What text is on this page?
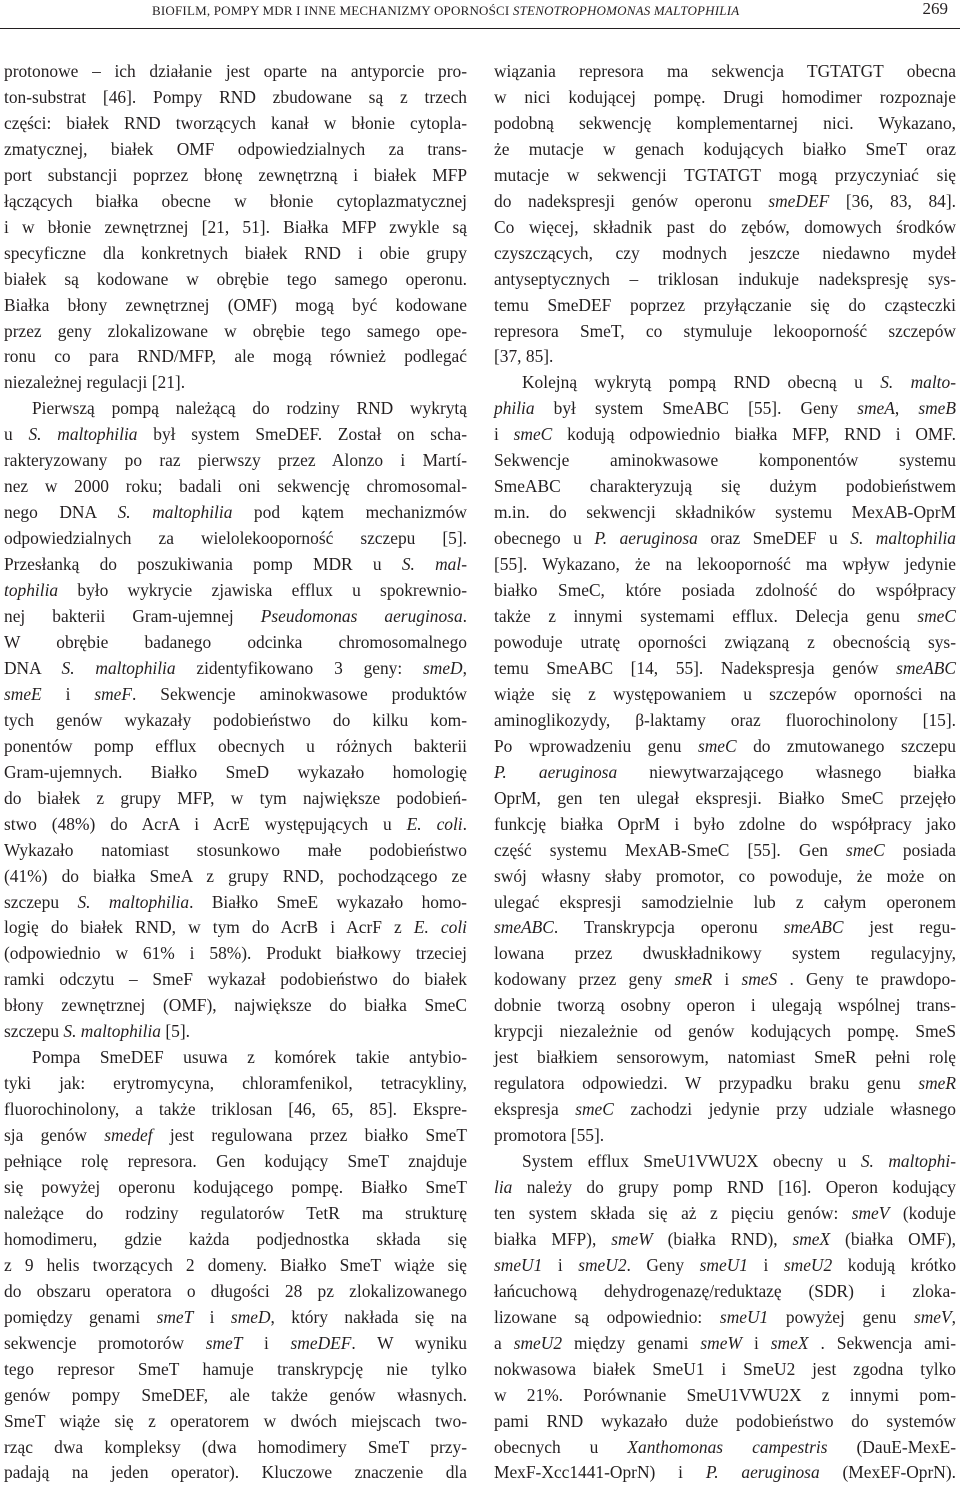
BIOFILM, POMPY MDR I INNE MECHANIZMY OPORNOŚCI STENOTROPHOMONAS MALTOPHILIA	269
protonowe – ich działanie jest oparte na antyporcie pro-
ton-substrat [46]. Pompy RND zbudowane są z trzech
części: białek RND tworzących kanał w błonie cytopla-
zmatycznej, białek OMF odpowiedzialnych za trans-
port substancji poprzez błonę zewnętrzną i białek MFP
łączących białka obecne w błonie cytoplazmatycznej
i w błonie zewnętrznej [21, 51]. Białka MFP zwykle są
specyficzne dla konkretnych białek RND i obie grupy
białek są kodowane w obrębie tego samego operonu.
Białka błony zewnętrznej (OMF) mogą być kodowane
przez geny zlokalizowane w obrębie tego samego ope-
ronu co para RND/MFP, ale mogą również podlegać
niezależnej regulacji [21].
Pierwszą pompą należącą do rodziny RND wykrytą
u S. maltophilia był system SmeDEF. Został on scha-
rakteryzowany po raz pierwszy przez Alonzo i Martí-
nez w 2000 roku; badali oni sekwencję chromosomal-
nego DNA S. maltophilia pod kątem mechanizmów
odpowiedzialnych za wielolekooporność szczepu [5].
Przesłanką do poszukiwania pomp MDR u S. mal-
tophilia było wykrycie zjawiska efflux u spokrewnio-
nej bakterii Gram-ujemnej Pseudomonas aeruginosa.
W obrębie badanego odcinka chromosomalnego
DNA S. maltophilia zidentyfikowano 3 geny: smeD,
smeE i smeF. Sekwencje aminokwasowe produktów
tych genów wykazały podobieństwo do kilku kom-
ponentów pomp efflux obecnych u różnych bakterii
Gram-ujemnych. Białko SmeD wykazało homologię
do białek z grupy MFP, w tym największe podobień-
stwo (48%) do AcrA i AcrE występujących u E. coli.
Wykazało natomiast stosunkowo małe podobieństwo
(41%) do białka SmeA z grupy RND, pochodzącego ze
szczepu S. maltophilia. Białko SmeE wykazało homo-
logię do białek RND, w tym do AcrB i AcrF z E. coli
(odpowiednio w 61% i 58%). Produkt białkowy trzeciej
ramki odczytu – SmeF wykazał podobieństwo do białek
błony zewnętrznej (OMF), największe do białka SmeC
szczepu S. maltophilia [5].
Pompa SmeDEF usuwa z komórek takie antybio-
tyki jak: erytromycyna, chloramfenikol, tetracykliny,
fluorochinolony, a także triklosan [46, 65, 85]. Ekspre-
sja genów smedef jest regulowana przez białko SmeT
pełniące rolę represora. Gen kodujący SmeT znajduje
się powyżej operonu kodującego pompę. Białko SmeT
należące do rodziny regulatorów TetR ma strukturę
homodimeru, gdzie każda podjednostka składa się
z 9 helis tworzących 2 domeny. Białko SmeT wiąże się
do obszaru operatora o długości 28 pz zlokalizowanego
pomiędzy genami smeT i smeD, który nakłada się na
sekwencje promotorów smeT i smeDEF. W wyniku
tego represor SmeT hamuje transkrypcję nie tylko
genów pompy SmeDEF, ale także genów własnych.
SmeT wiąże się z operatorem w dwóch miejscach two-
rząc dwa kompleksy (dwa homodimery SmeT przy-
padają na jeden operator). Kluczowe znaczenie dla
wiązania represora ma sekwencja TGTATGT obecna
w nici kodującej pompę. Drugi homodimer rozpoznaje
podobną sekwencję komplementarnej nici. Wykazano,
że mutacje w genach kodujących białko SmeT oraz
mutacje w sekwencji TGTATGT mogą przyczyniać się
do nadekspresji genów operonu smeDEF [36, 83, 84].
Co więcej, składnik past do zębów, domowych środków
czyszczących, czy modnych jeszcze niedawno mydeł
antyseptycznych – triklosan indukuje nadekspresję sys-
temu SmeDEF poprzez przyłączanie się do cząsteczki
represora SmeT, co stymuluje lekooporność szczepów
[37, 85].
Kolejną wykrytą pompą RND obecną u S. malto-
philia był system SmeABC [55]. Geny smeA, smeB
i smeC kodują odpowiednio białka MFP, RND i OMF.
Sekwencje aminokwasowe komponentów systemu
SmeABC charakteryzują się dużym podobieństwem
m.in. do sekwencji składników systemu MexAB-OprM
obecnego u P. aeruginosa oraz SmeDEF u S. maltophilia
[55]. Wykazano, że na lekooporność ma wpływ jedynie
białko SmeC, które posiada zdolność do współpracy
także z innymi systemami efflux. Delecja genu smeC
powoduje utratę oporności związaną z obecnością sys-
temu SmeABC [14, 55]. Nadekspresja genów smeABC
wiąże się z występowaniem u szczepów oporności na
aminoglikozydy, β-laktamy oraz fluorochinolony [15].
Po wprowadzeniu genu smeC do zmutowanego szczepu
P. aeruginosa niewytwarzającego własnego białka
OprM, gen ten ulegał ekspresji. Białko SmeC przejęło
funkcję białka OprM i było zdolne do współpracy jako
część systemu MexAB-SmeC [55]. Gen smeC posiada
swój własny słaby promotor, co powoduje, że może on
ulegać ekspresji samodzielnie lub z całym operonem
smeABC. Transkrypcja operonu smeABC jest regu-
lowana przez dwuskładnikowy system regulacyjny,
kodowany przez geny smeR i smeS . Geny te prawdopo-
dobnie tworzą osobny operon i ulegają wspólnej trans-
krypcji niezależnie od genów kodujących pompę. SmeS
jest białkiem sensorowym, natomiast SmeR pełni rolę
regulatora odpowiedzi. W przypadku braku genu smeR
ekspresja smeC zachodzi jedynie przy udziale własnego
promotora [55].
System efflux SmeU1VWU2X obecny u S. maltophi-
lia należy do grupy pomp RND [16]. Operon kodujący
ten system składa się aż z pięciu genów: smeV (koduje
białka MFP), smeW (białka RND), smeX (białka OMF),
smeU1 i smeU2. Geny smeU1 i smeU2 kodują krótko
łańcuchową dehydrogenazę/reduktazę (SDR) i zloka-
lizowane są odpowiednio: smeU1 powyżej genu smeV,
a smeU2 między genami smeW i smeX . Sekwencja ami-
nokwasowa białek SmeU1 i SmeU2 jest zgodna tylko
w 21%. Porównanie SmeU1VWU2X z innymi pom-
pami RND wykazało duże podobieństwo do systemów
obecnych u Xanthomonas campestris (DauE-MexE-
MexF-Xcc1441-OprN) i P. aeruginosa (MexEF-OprN).
